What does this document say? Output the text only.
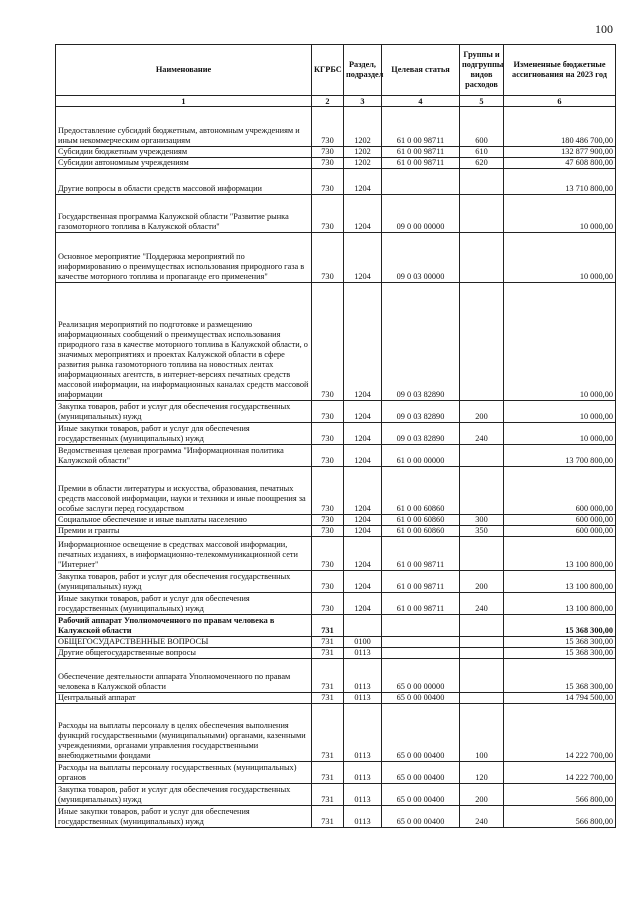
100
Наименование	КГРБС	Раздел, подраздел	Целевая статья	Группы и подгруппы видов расходов	Измененные бюджетные ассигнования на 2023 год
1	2	3	4	5	6
Предоставление субсидий бюджетным, автономным учреждениям и иным некоммерческим организациям	730	1202	61 0 00 98711	600	180 486 700,00
Субсидии бюджетным учреждениям	730	1202	61 0 00 98711	610	132 877 900,00
Субсидии автономным учреждениям	730	1202	61 0 00 98711	620	47 608 800,00
Другие вопросы в области средств массовой информации	730	1204			13 710 800,00
Государственная программа Калужской области "Развитие рынка газомоторного топлива в Калужской области"	730	1204	09 0 00 00000		10 000,00
Основное мероприятие "Поддержка мероприятий по информированию о преимуществах использования природного газа в качестве моторного топлива и пропаганде его применения"	730	1204	09 0 03 00000		10 000,00
Реализация мероприятий по подготовке и размещению информационных сообщений о преимуществах использования природного газа в качестве моторного топлива в Калужской области, о значимых мероприятиях и проектах Калужской области в сфере развития рынка газомоторного топлива на новостных лентах информационных агентств, в интернет-версиях печатных средств массовой информации, на информационных каналах средств массовой информации	730	1204	09 0 03 82890		10 000,00
Закупка товаров, работ и услуг для обеспечения государственных (муниципальных) нужд	730	1204	09 0 03 82890	200	10 000,00
Иные закупки товаров, работ и услуг для обеспечения государственных (муниципальных) нужд	730	1204	09 0 03 82890	240	10 000,00
Ведомственная целевая программа "Информационная политика Калужской области"	730	1204	61 0 00 00000		13 700 800,00
Премии в области литературы и искусства, образования, печатных средств массовой информации, науки и техники и иные поощрения за особые заслуги перед государством	730	1204	61 0 00 60860		600 000,00
Социальное обеспечение и иные выплаты населению	730	1204	61 0 00 60860	300	600 000,00
Премии и гранты	730	1204	61 0 00 60860	350	600 000,00
Информационное освещение в средствах массовой информации, печатных изданиях, в информационно-телекоммуникационной сети "Интернет"	730	1204	61 0 00 98711		13 100 800,00
Закупка товаров, работ и услуг для обеспечения государственных (муниципальных) нужд	730	1204	61 0 00 98711	200	13 100 800,00
Иные закупки товаров, работ и услуг для обеспечения государственных (муниципальных) нужд	730	1204	61 0 00 98711	240	13 100 800,00
Рабочий аппарат Уполномоченного по правам человека в Калужской области	731				15 368 300,00
ОБЩЕГОСУДАРСТВЕННЫЕ ВОПРОСЫ	731	0100			15 368 300,00
Другие общегосударственные вопросы	731	0113			15 368 300,00
Обеспечение деятельности аппарата Уполномоченного по правам человека в Калужской области	731	0113	65 0 00 00000		15 368 300,00
Центральный аппарат	731	0113	65 0 00 00400		14 794 500,00
Расходы на выплаты персоналу в целях обеспечения выполнения функций государственными (муниципальными) органами, казенными учреждениями, органами управления государственными внебюджетными фондами	731	0113	65 0 00 00400	100	14 222 700,00
Расходы на выплаты персоналу государственных (муниципальных) органов	731	0113	65 0 00 00400	120	14 222 700,00
Закупка товаров, работ и услуг для обеспечения государственных (муниципальных) нужд	731	0113	65 0 00 00400	200	566 800,00
Иные закупки товаров, работ и услуг для обеспечения государственных (муниципальных) нужд	731	0113	65 0 00 00400	240	566 800,00
